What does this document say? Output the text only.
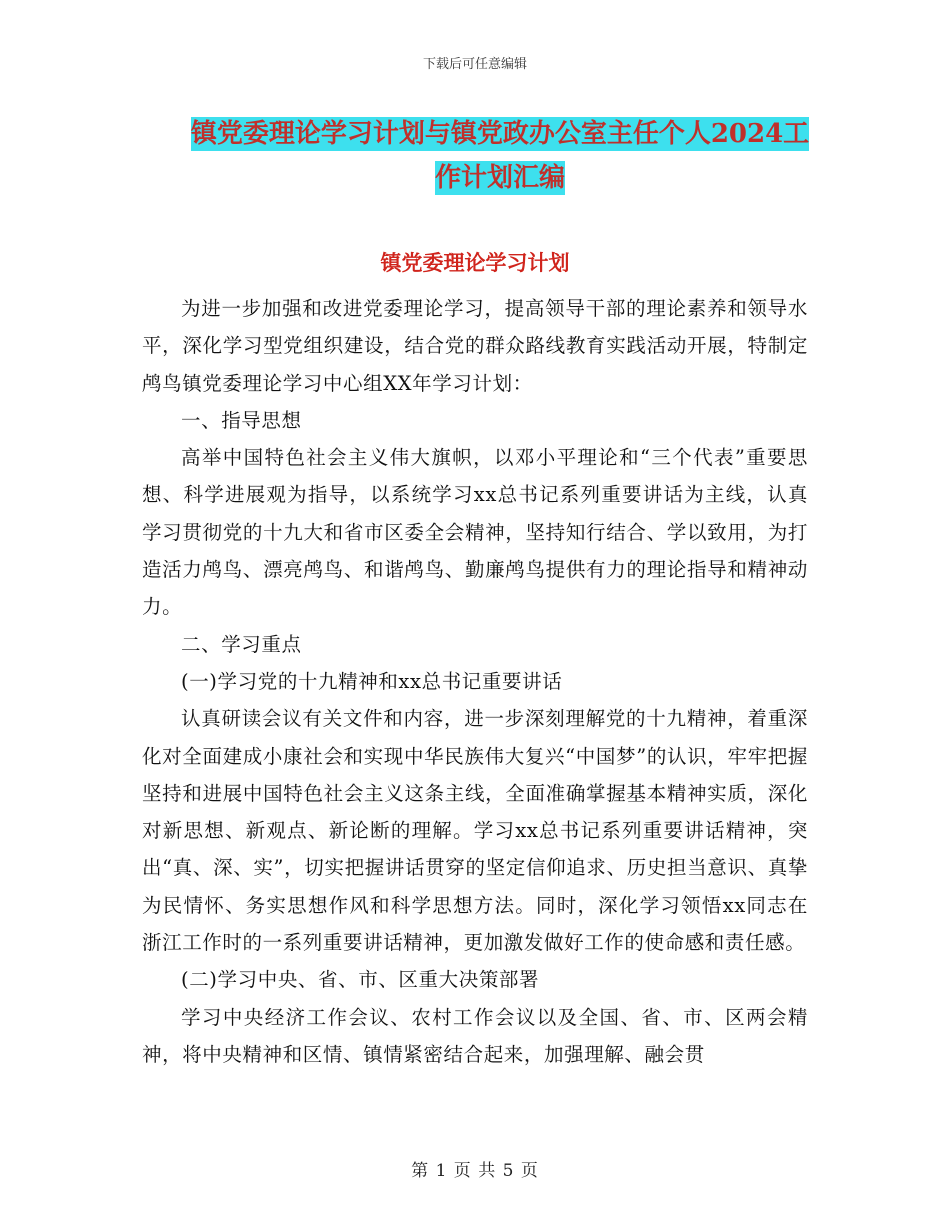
下载后可任意编辑
镇党委理论学习计划与镇党政办公室主任个人2024工
作计划汇编
镇党委理论学习计划

为进一步加强和改进党委理论学习，提高领导干部的理论素养和领导水平，深化学习型党组织建设，结合党的群众路线教育实践活动开展，特制定鸬鸟镇党委理论学习中心组XX年学习计划：

一、指导思想

高举中国特色社会主义伟大旗帜，以邓小平理论和“三个代表”重要思想、科学进展观为指导，以系统学习xx总书记系列重要讲话为主线，认真学习贯彻党的十九大和省市区委全会精神，坚持知行结合、学以致用，为打造活力鸬鸟、漂亮鸬鸟、和谐鸬鸟、勤廉鸬鸟提供有力的理论指导和精神动力。

二、学习重点

(一)学习党的十九精神和xx总书记重要讲话

认真研读会议有关文件和内容，进一步深刻理解党的十九精神，着重深化对全面建成小康社会和实现中华民族伟大复兴“中国梦”的认识，牢牢把握坚持和进展中国特色社会主义这条主线，全面准确掌握基本精神实质，深化对新思想、新观点、新论断的理解。学习xx总书记系列重要讲话精神，突出“真、深、实”，切实把握讲话贯穿的坚定信仰追求、历史担当意识、真挚为民情怀、务实思想作风和科学思想方法。同时，深化学习领悟xx同志在浙江工作时的一系列重要讲话精神，更加激发做好工作的使命感和责任感。

(二)学习中央、省、市、区重大决策部署

学习中央经济工作会议、农村工作会议以及全国、省、市、区两会精神，将中央精神和区情、镇情紧密结合起来，加强理解、融会贯

第 1 页 共 5 页
